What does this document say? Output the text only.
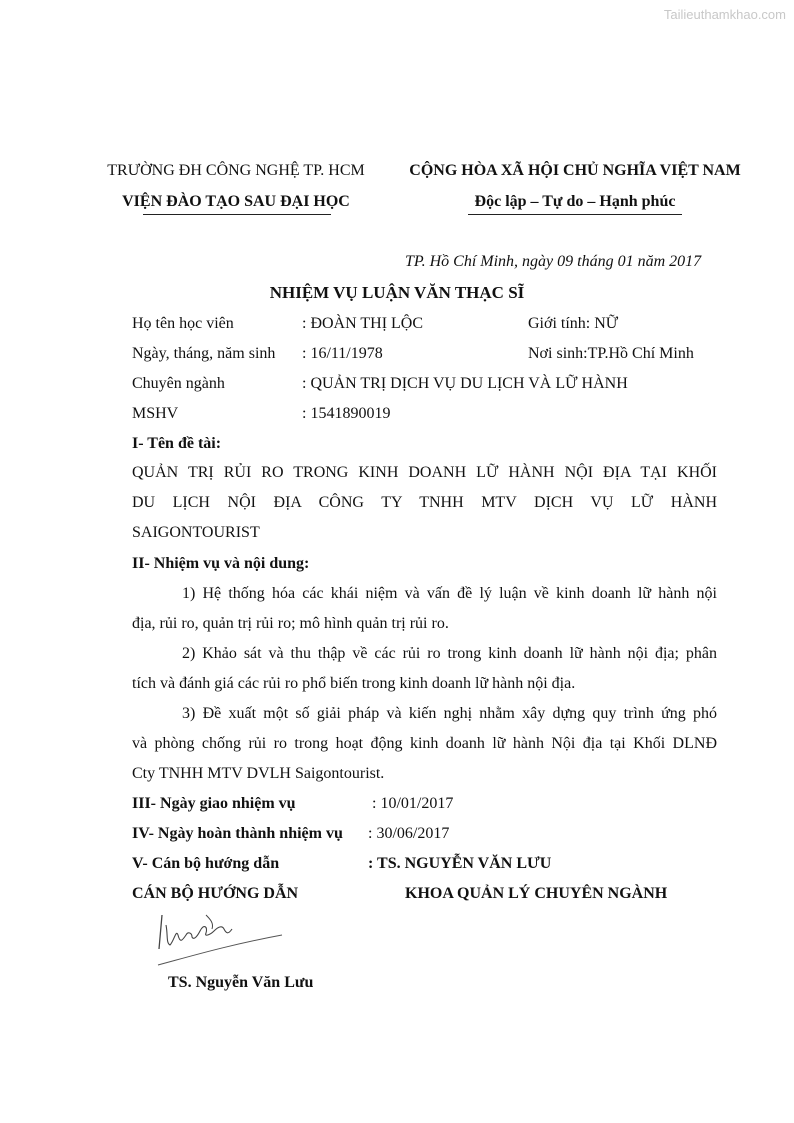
Tailieuthamkhao.com
TRƯỜNG ĐH CÔNG NGHỆ TP. HCM
VIỆN ĐÀO TẠO SAU ĐẠI HỌC
CỘNG HÒA XÃ HỘI CHỦ NGHĨA VIỆT NAM
Độc lập – Tự do – Hạnh phúc
TP. Hồ Chí Minh, ngày 09 tháng 01 năm 2017
NHIỆM VỤ LUẬN VĂN THẠC SĨ
Họ tên học viên	: ĐOÀN THỊ LỘC	Giới tính: NỮ
Ngày, tháng, năm sinh : 16/11/1978	Nơi sinh:TP.Hồ Chí Minh
Chuyên ngành	: QUẢN TRỊ DỊCH VỤ DU LỊCH VÀ LỮ HÀNH
MSHV	: 1541890019
I- Tên đề tài:
QUẢN TRỊ RỦI RO TRONG KINH DOANH LỮ HÀNH NỘI ĐỊA TẠI KHỐI
DU LỊCH NỘI ĐỊA CÔNG TY TNHH MTV DỊCH VỤ LỮ HÀNH
SAIGONTOURIST
II- Nhiệm vụ và nội dung:
1) Hệ thống hóa các khái niệm và vấn đề lý luận về kinh doanh lữ hành nội
địa, rủi ro, quản trị rủi ro; mô hình quản trị rủi ro.
2) Khảo sát và thu thập về các rủi ro trong kinh doanh lữ hành nội địa; phân
tích và đánh giá các rủi ro phổ biến trong kinh doanh lữ hành nội địa.
3) Đề xuất một số giải pháp và kiến nghị nhằm xây dựng quy trình ứng phó
và phòng chống rủi ro trong hoạt động kinh doanh lữ hành Nội địa tại Khối DLNĐ
Cty TNHH MTV DVLH Saigontourist.
III- Ngày giao nhiệm vụ	: 10/01/2017
IV- Ngày hoàn thành nhiệm vụ : 30/06/2017
V- Cán bộ hướng dẫn	: TS. NGUYỄN VĂN LƯU
CÁN BỘ HƯỚNG DẪN	KHOA QUẢN LÝ CHUYÊN NGÀNH
TS. Nguyễn Văn Lưu
